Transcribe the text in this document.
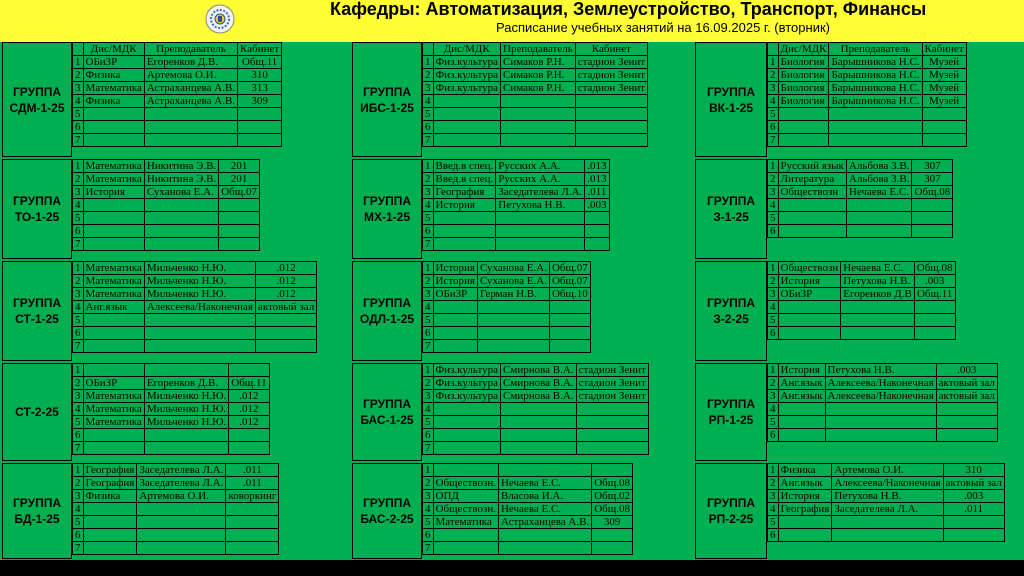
Кафедры: Автоматизация, Землеустройство, Транспорт, Финансы
Расписание учебных занятий на 16.09.2025 г. (вторник)
ГРУППА
СДМ-1-25
	Дис/МДК	Преподаватель	Кабинет
1	ОБиЗР	Егоренков Д.В.	Общ.11
2	Физика	Артемова О.И.	310
3	Математика	Астраханцева А.В.	313
4	Физика	Астраханцева А.В.	309
5			
6			
7			
ГРУППА
ИБС-1-25
	Дис/МДК	Преподаватель	Кабинет
1	Физ.культура	Симаков Р.Н.	стадион Зенит
2	Физ.культура	Симаков Р.Н.	стадион Зенит
3	Физ.культура	Симаков Р.Н.	стадион Зенит
4			
5			
6			
7			
ГРУППА
ВК-1-25
	Дис/МДК	Преподаватель	Кабинет
1	Биология	Барышникова Н.С.	Музей
2	Биология	Барышникова Н.С.	Музей
3	Биология	Барышникова Н.С.	Музей
4	Биология	Барышникова Н.С.	Музей
5			
6			
7			
ГРУППА
ТО-1-25
1	Математика	Никитина Э.В.	201
2	Математика	Никитина Э.В.	201
3	История	Суханова Е.А.	Общ.07
4			
5			
6			
7			
ГРУППА
МХ-1-25
1	Введ.в спец.	Русских А.А.	.013
2	Введ.в спец.	Русских А.А.	.013
3	География	Заседателева Л.А.	.011
4	История	Петухова Н.В.	.003
5			
6			
7			
ГРУППА
З-1-25
1	Русский язык	Альбова З.В.	307
2	Литература	Альбова З.В.	307
3	Обществозн	Нечаева Е.С.	Общ.08
4			
5			
6			
ГРУППА
СТ-1-25
1	Математика	Мильченко Н.Ю.	.012
2	Математика	Мильченко Н.Ю.	.012
3	Математика	Мильченко Н.Ю.	.012
4	Анг.язык	Алексеева/Наконечная	актовый зал
5			
6			
7			
ГРУППА
ОДЛ-1-25
1	История	Суханова Е.А.	Общ.07
2	История	Суханова Е.А.	Общ.07
3	ОБиЗР	Герман Н.В.	Общ.10
4			
5			
6			
7			
ГРУППА
З-2-25
1	Обществозн	Нечаева Е.С.	Общ.08
2	История	Петухова Н.В.	.003
3	ОБиЗР	Егоренков Д.В	Общ.11
4			
5			
6			
СТ-2-25
1			
2	ОБиЗР	Егоренков Д.В.	Общ.11
3	Математика	Мильченко Н.Ю.	.012
4	Математика	Мильченко Н.Ю.	.012
5	Математика	Мильченко Н.Ю.	.012
6			
7			
ГРУППА
БАС-1-25
1	Физ.культура	Смирнова В.А.	стадион Зенит
2	Физ.культура	Смирнова В.А.	стадион Зенит
3	Физ.культура	Смирнова В.А.	стадион Зенит
4			
5			
6			
7			
ГРУППА
РП-1-25
1	История	Петухова Н.В.	.003
2	Анг.язык	Алексеева/Наконечная	актовый зал
3	Анг.язык	Алексеева/Наконечная	актовый зал
4			
5			
6			
ГРУППА
БД-1-25
1	География	Заседателева Л.А.	.011
2	География	Заседателева Л.А.	.011
3	Физика	Артемова О.И.	коворкинг
4			
5			
6			
7			
ГРУППА
БАС-2-25
1			
2	Обществозн.	Нечаева Е.С.	Общ.08
3	ОПД	Власова И.А.	Общ.02
4	Обществозн.	Нечаева Е.С.	Общ.08
5	Математика	Астраханцева А.В.	309
6			
7			
ГРУППА
РП-2-25
1	Физика	Артемова О.И.	310
2	Анг.язык	Алексеева/Наконечная	актовый зал
3	История	Петухова Н.В.	.003
4	География	Заседателева Л.А.	.011
5			
6			
